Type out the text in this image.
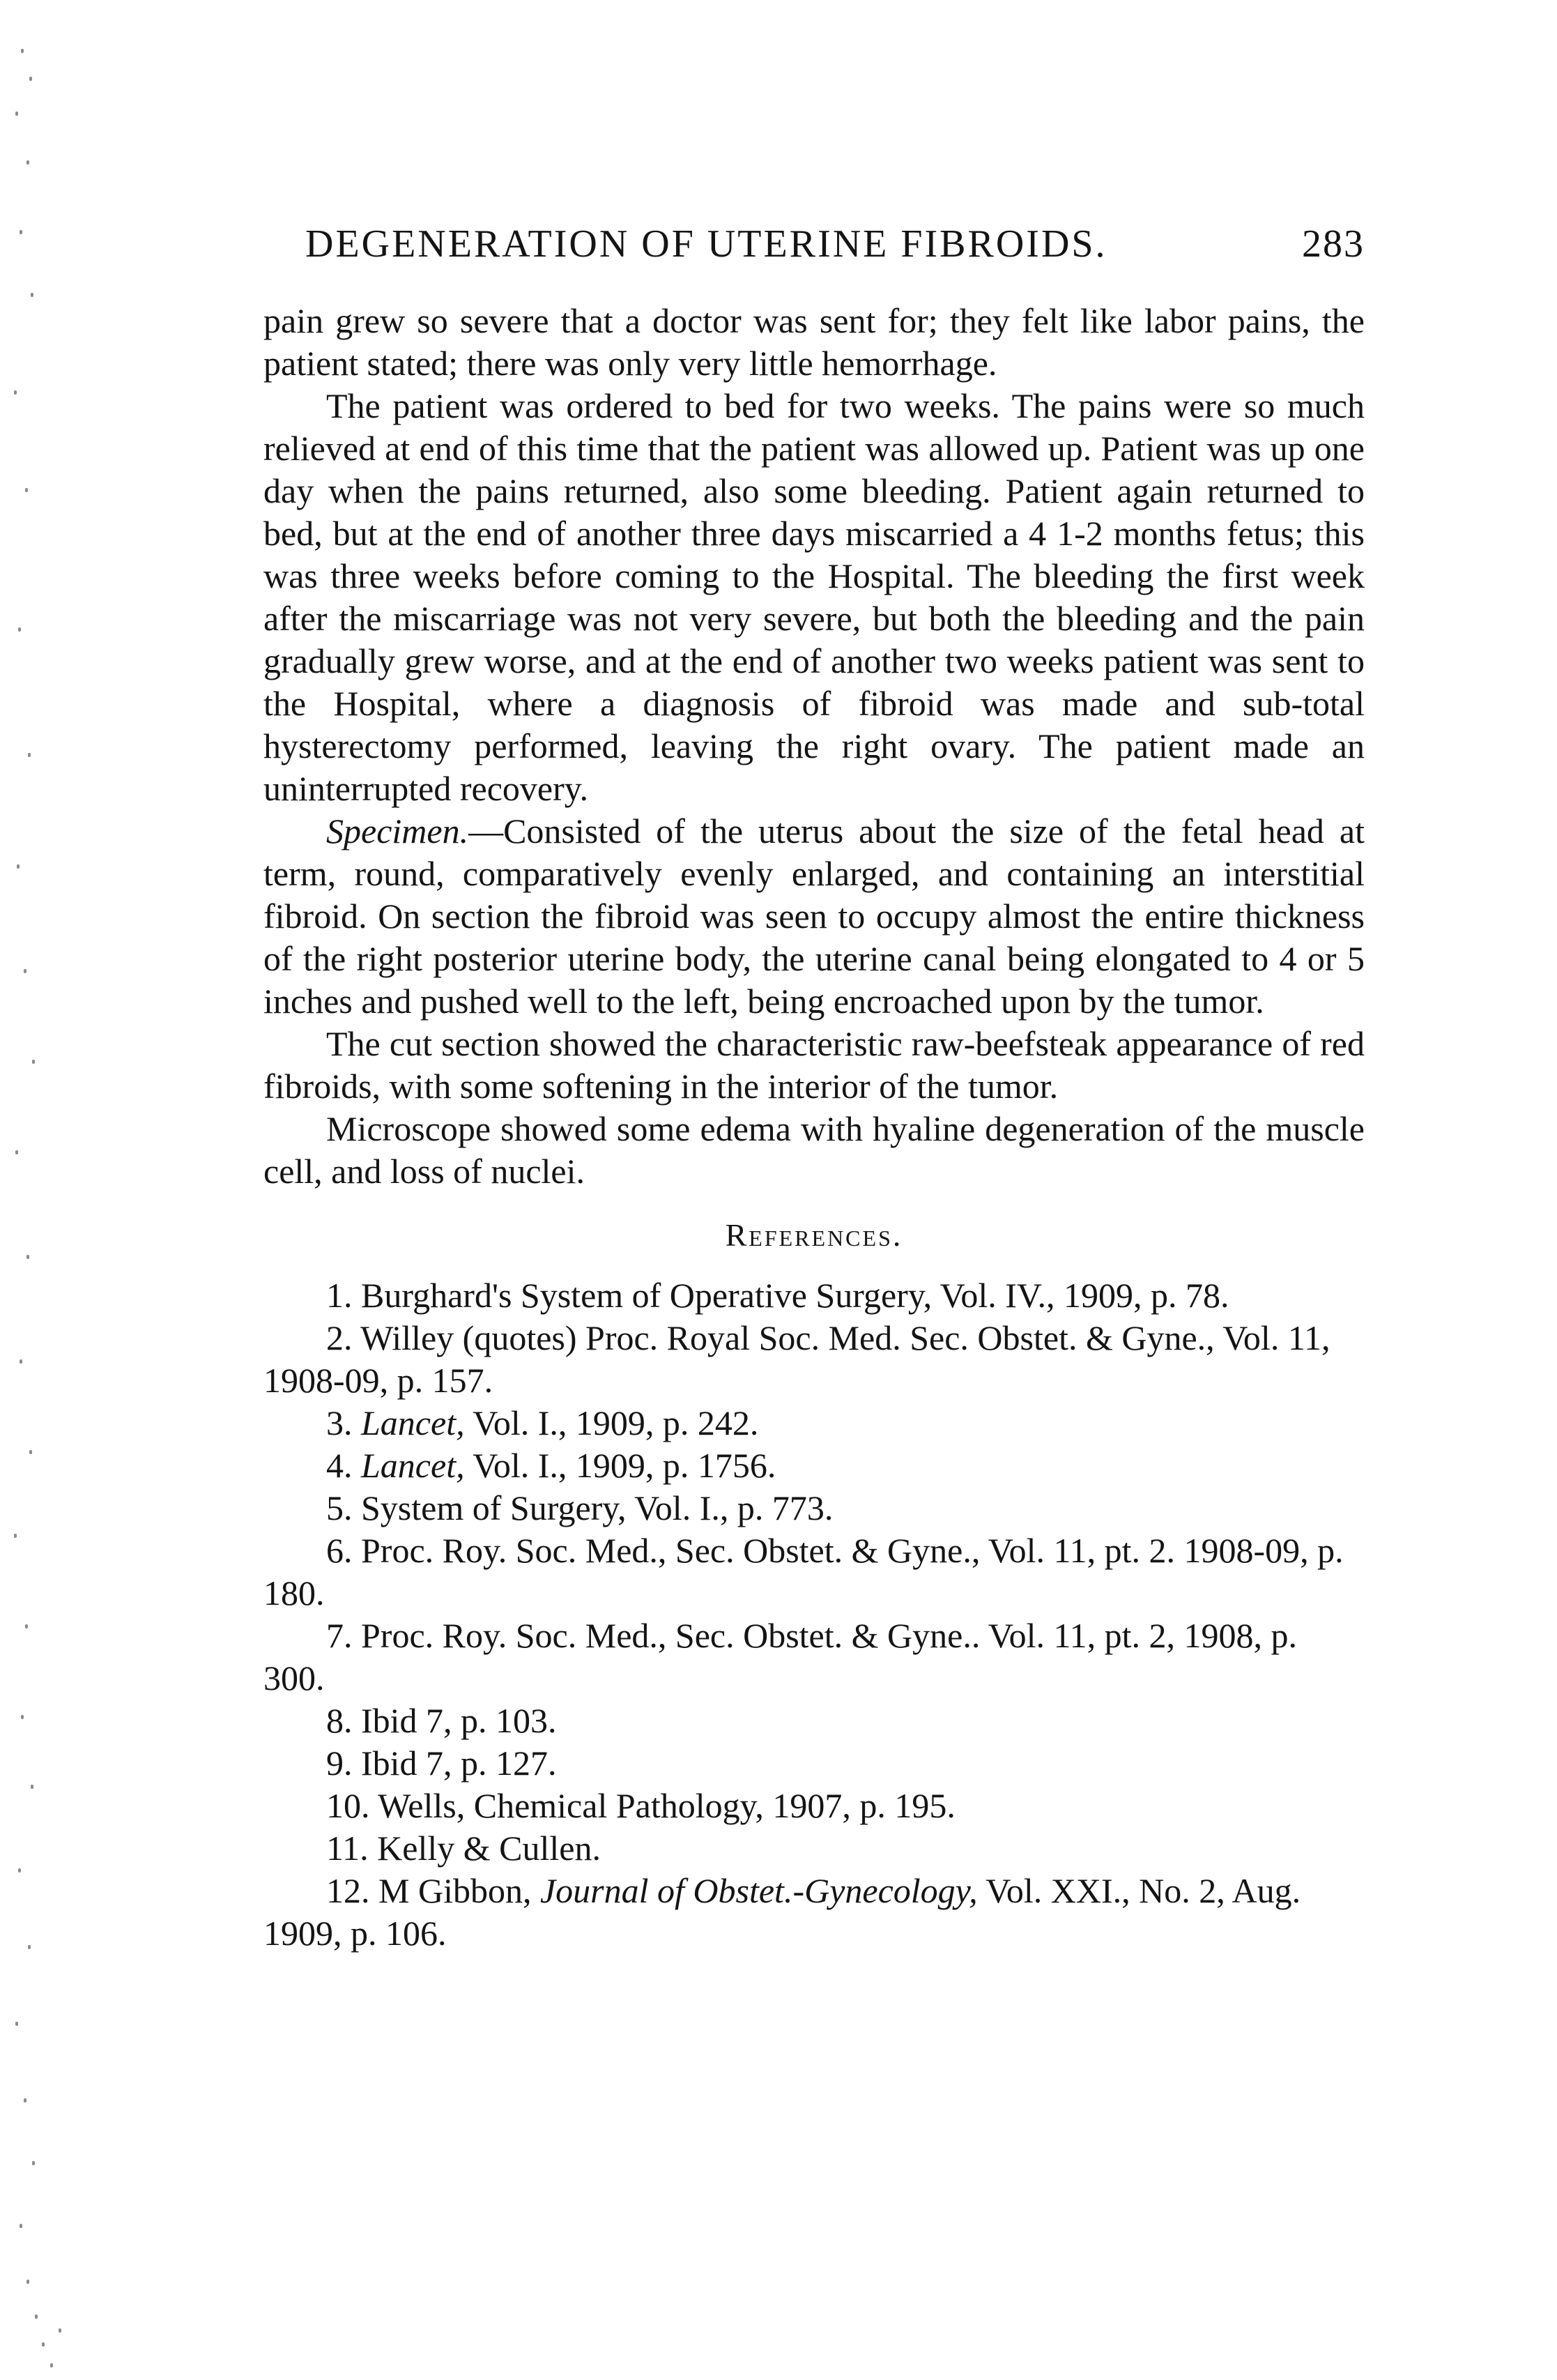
DEGENERATION OF UTERINE FIBROIDS.	283

pain grew so severe that a doctor was sent for; they felt like labor pains, the patient stated; there was only very little hemorrhage.

The patient was ordered to bed for two weeks. The pains were so much relieved at end of this time that the patient was allowed up. Patient was up one day when the pains returned, also some bleeding. Patient again returned to bed, but at the end of another three days miscarried a 4 1-2 months fetus; this was three weeks before coming to the Hospital. The bleeding the first week after the miscarriage was not very severe, but both the bleeding and the pain gradually grew worse, and at the end of another two weeks patient was sent to the Hospital, where a diagnosis of fibroid was made and sub-total hysterectomy performed, leaving the right ovary. The patient made an uninterrupted recovery.

Specimen.—Consisted of the uterus about the size of the fetal head at term, round, comparatively evenly enlarged, and containing an interstitial fibroid. On section the fibroid was seen to occupy almost the entire thickness of the right posterior uterine body, the uterine canal being elongated to 4 or 5 inches and pushed well to the left, being encroached upon by the tumor.

The cut section showed the characteristic raw-beefsteak appearance of red fibroids, with some softening in the interior of the tumor.

Microscope showed some edema with hyaline degeneration of the muscle cell, and loss of nuclei.

References.
1. Burghard's System of Operative Surgery, Vol. IV., 1909, p. 78.
2. Willey (quotes) Proc. Royal Soc. Med. Sec. Obstet. & Gyne., Vol. 11, 1908-09, p. 157.
3. Lancet, Vol. I., 1909, p. 242.
4. Lancet, Vol. I., 1909, p. 1756.
5. System of Surgery, Vol. I., p. 773.
6. Proc. Roy. Soc. Med., Sec. Obstet. & Gyne., Vol. 11, pt. 2. 1908-09, p. 180.
7. Proc. Roy. Soc. Med., Sec. Obstet. & Gyne.. Vol. 11, pt. 2, 1908, p. 300.
8. Ibid 7, p. 103.
9. Ibid 7, p. 127.
10. Wells, Chemical Pathology, 1907, p. 195.
11. Kelly & Cullen.
12. M Gibbon, Journal of Obstet.-Gynecology, Vol. XXI., No. 2, Aug. 1909, p. 106.
